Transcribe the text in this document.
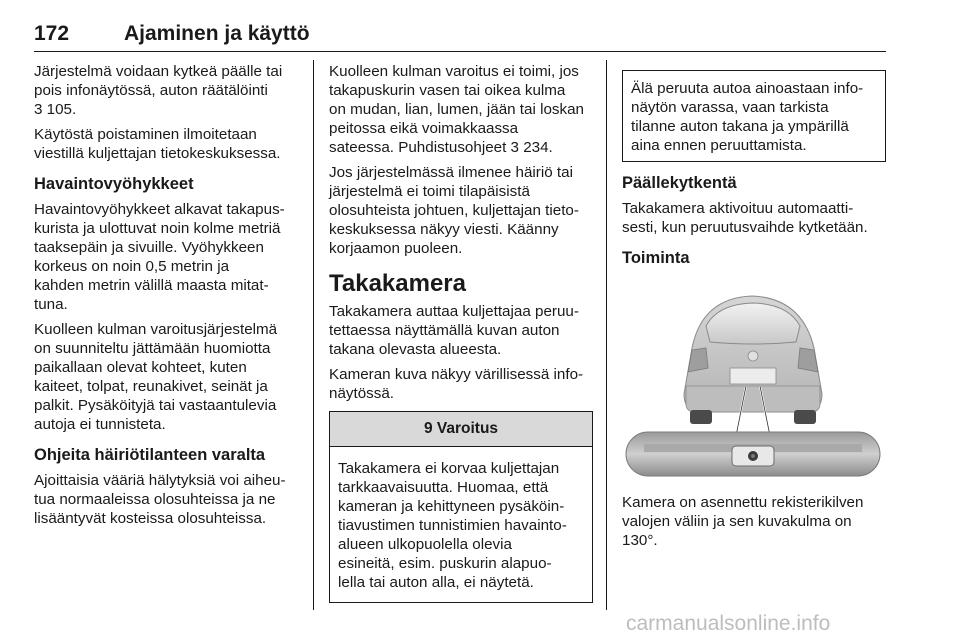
172	Ajaminen ja käyttö

Järjestelmä voidaan kytkeä päälle tai
pois infonäytössä, auton räätälöinti
3 105.

Käytöstä poistaminen ilmoitetaan
viestillä kuljettajan tietokeskuksessa.

Havaintovyöhykkeet

Havaintovyöhykkeet alkavat takapus‐
kurista ja ulottuvat noin kolme metriä
taaksepäin ja sivuille. Vyöhykkeen
korkeus on noin 0,5 metrin ja
kahden metrin välillä maasta mitat‐
tuna.

Kuolleen kulman varoitusjärjestelmä
on suunniteltu jättämään huomiotta
paikallaan olevat kohteet, kuten
kaiteet, tolpat, reunakivet, seinät ja
palkit. Pysäköityjä tai vastaantulevia
autoja ei tunnisteta.

Ohjeita häiriötilanteen varalta

Ajoittaisia vääriä hälytyksiä voi aiheu‐
tua normaaleissa olosuhteissa ja ne
lisääntyvät kosteissa olosuhteissa.

Kuolleen kulman varoitus ei toimi, jos
takapuskurin vasen tai oikea kulma
on mudan, lian, lumen, jään tai loskan
peitossa eikä voimakkaassa
sateessa. Puhdistusohjeet 3 234.

Jos järjestelmässä ilmenee häiriö tai
järjestelmä ei toimi tilapäisistä
olosuhteista johtuen, kuljettajan tieto‐
keskuksessa näkyy viesti. Käänny
korjaamon puoleen.

Takakamera

Takakamera auttaa kuljettajaa peruu‐
tettaessa näyttämällä kuvan auton
takana olevasta alueesta.

Kameran kuva näkyy värillisessä info‐
näytössä.

9 Varoitus

Takakamera ei korvaa kuljettajan
tarkkaavaisuutta. Huomaa, että
kameran ja kehittyneen pysäköin‐
tiavustimen tunnistimien havainto‐
alueen ulkopuolella olevia
esineitä, esim. puskurin alapuo‐
lella tai auton alla, ei näytetä.

Älä peruuta autoa ainoastaan info‐
näytön varassa, vaan tarkista
tilanne auton takana ja ympärillä
aina ennen peruuttamista.

Päällekytkentä

Takakamera aktivoituu automaatti‐
sesti, kun peruutusvaihde kytketään.

Toiminta

Kamera on asennettu rekisterikilven
valojen väliin ja sen kuvakulma on
130°.

carmanualsonline.info
